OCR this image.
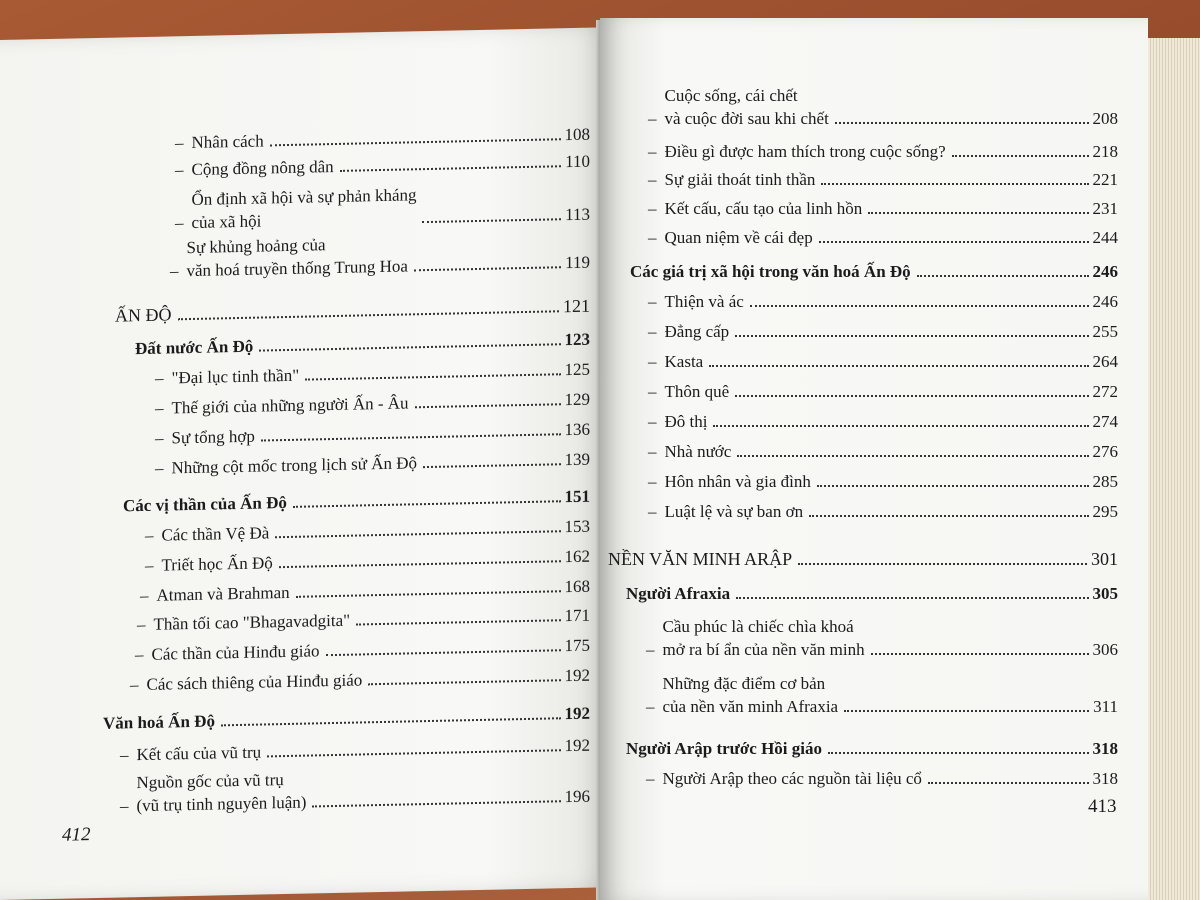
– Nhân cách	108
– Cộng đồng nông dân	110
–
Ổn định xã hội và sự phản kháng
của xã hội	113
–
Sự khủng hoảng của
văn hoá truyền thống Trung Hoa	119
ẤN ĐỘ	121
Đất nước Ấn Độ	123
– "Đại lục tinh thần"	125
– Thế giới của những người Ấn - Âu	129
– Sự tổng hợp	136
– Những cột mốc trong lịch sử Ấn Độ	139
Các vị thần của Ấn Độ	151
– Các thần Vệ Đà	153
– Triết học Ấn Độ	162
– Atman và Brahman	168
– Thần tối cao "Bhagavadgita"	171
– Các thần của Hinđu giáo	175
– Các sách thiêng của Hinđu giáo	192
Văn hoá Ấn Độ	192
– Kết cấu của vũ trụ	192
–
Nguồn gốc của vũ trụ
(vũ trụ tinh nguyên luận)	196
412
–
Cuộc sống, cái chết
và cuộc đời sau khi chết	208
– Điều gì được ham thích trong cuộc sống?	218
– Sự giải thoát tinh thần	221
– Kết cấu, cấu tạo của linh hồn	231
– Quan niệm về cái đẹp	244
Các giá trị xã hội trong văn hoá Ấn Độ	246
– Thiện và ác	246
– Đẳng cấp	255
– Kasta	264
– Thôn quê	272
– Đô thị	274
– Nhà nước	276
– Hôn nhân và gia đình	285
– Luật lệ và sự ban ơn	295
NỀN VĂN MINH ARẬP	301
Người Afraxia	305
–
Cầu phúc là chiếc chìa khoá
mở ra bí ẩn của nền văn minh	306
–
Những đặc điểm cơ bản
của nền văn minh Afraxia	311
Người Arập trước Hồi giáo	318
– Người Arập theo các nguồn tài liệu cổ	318
413
